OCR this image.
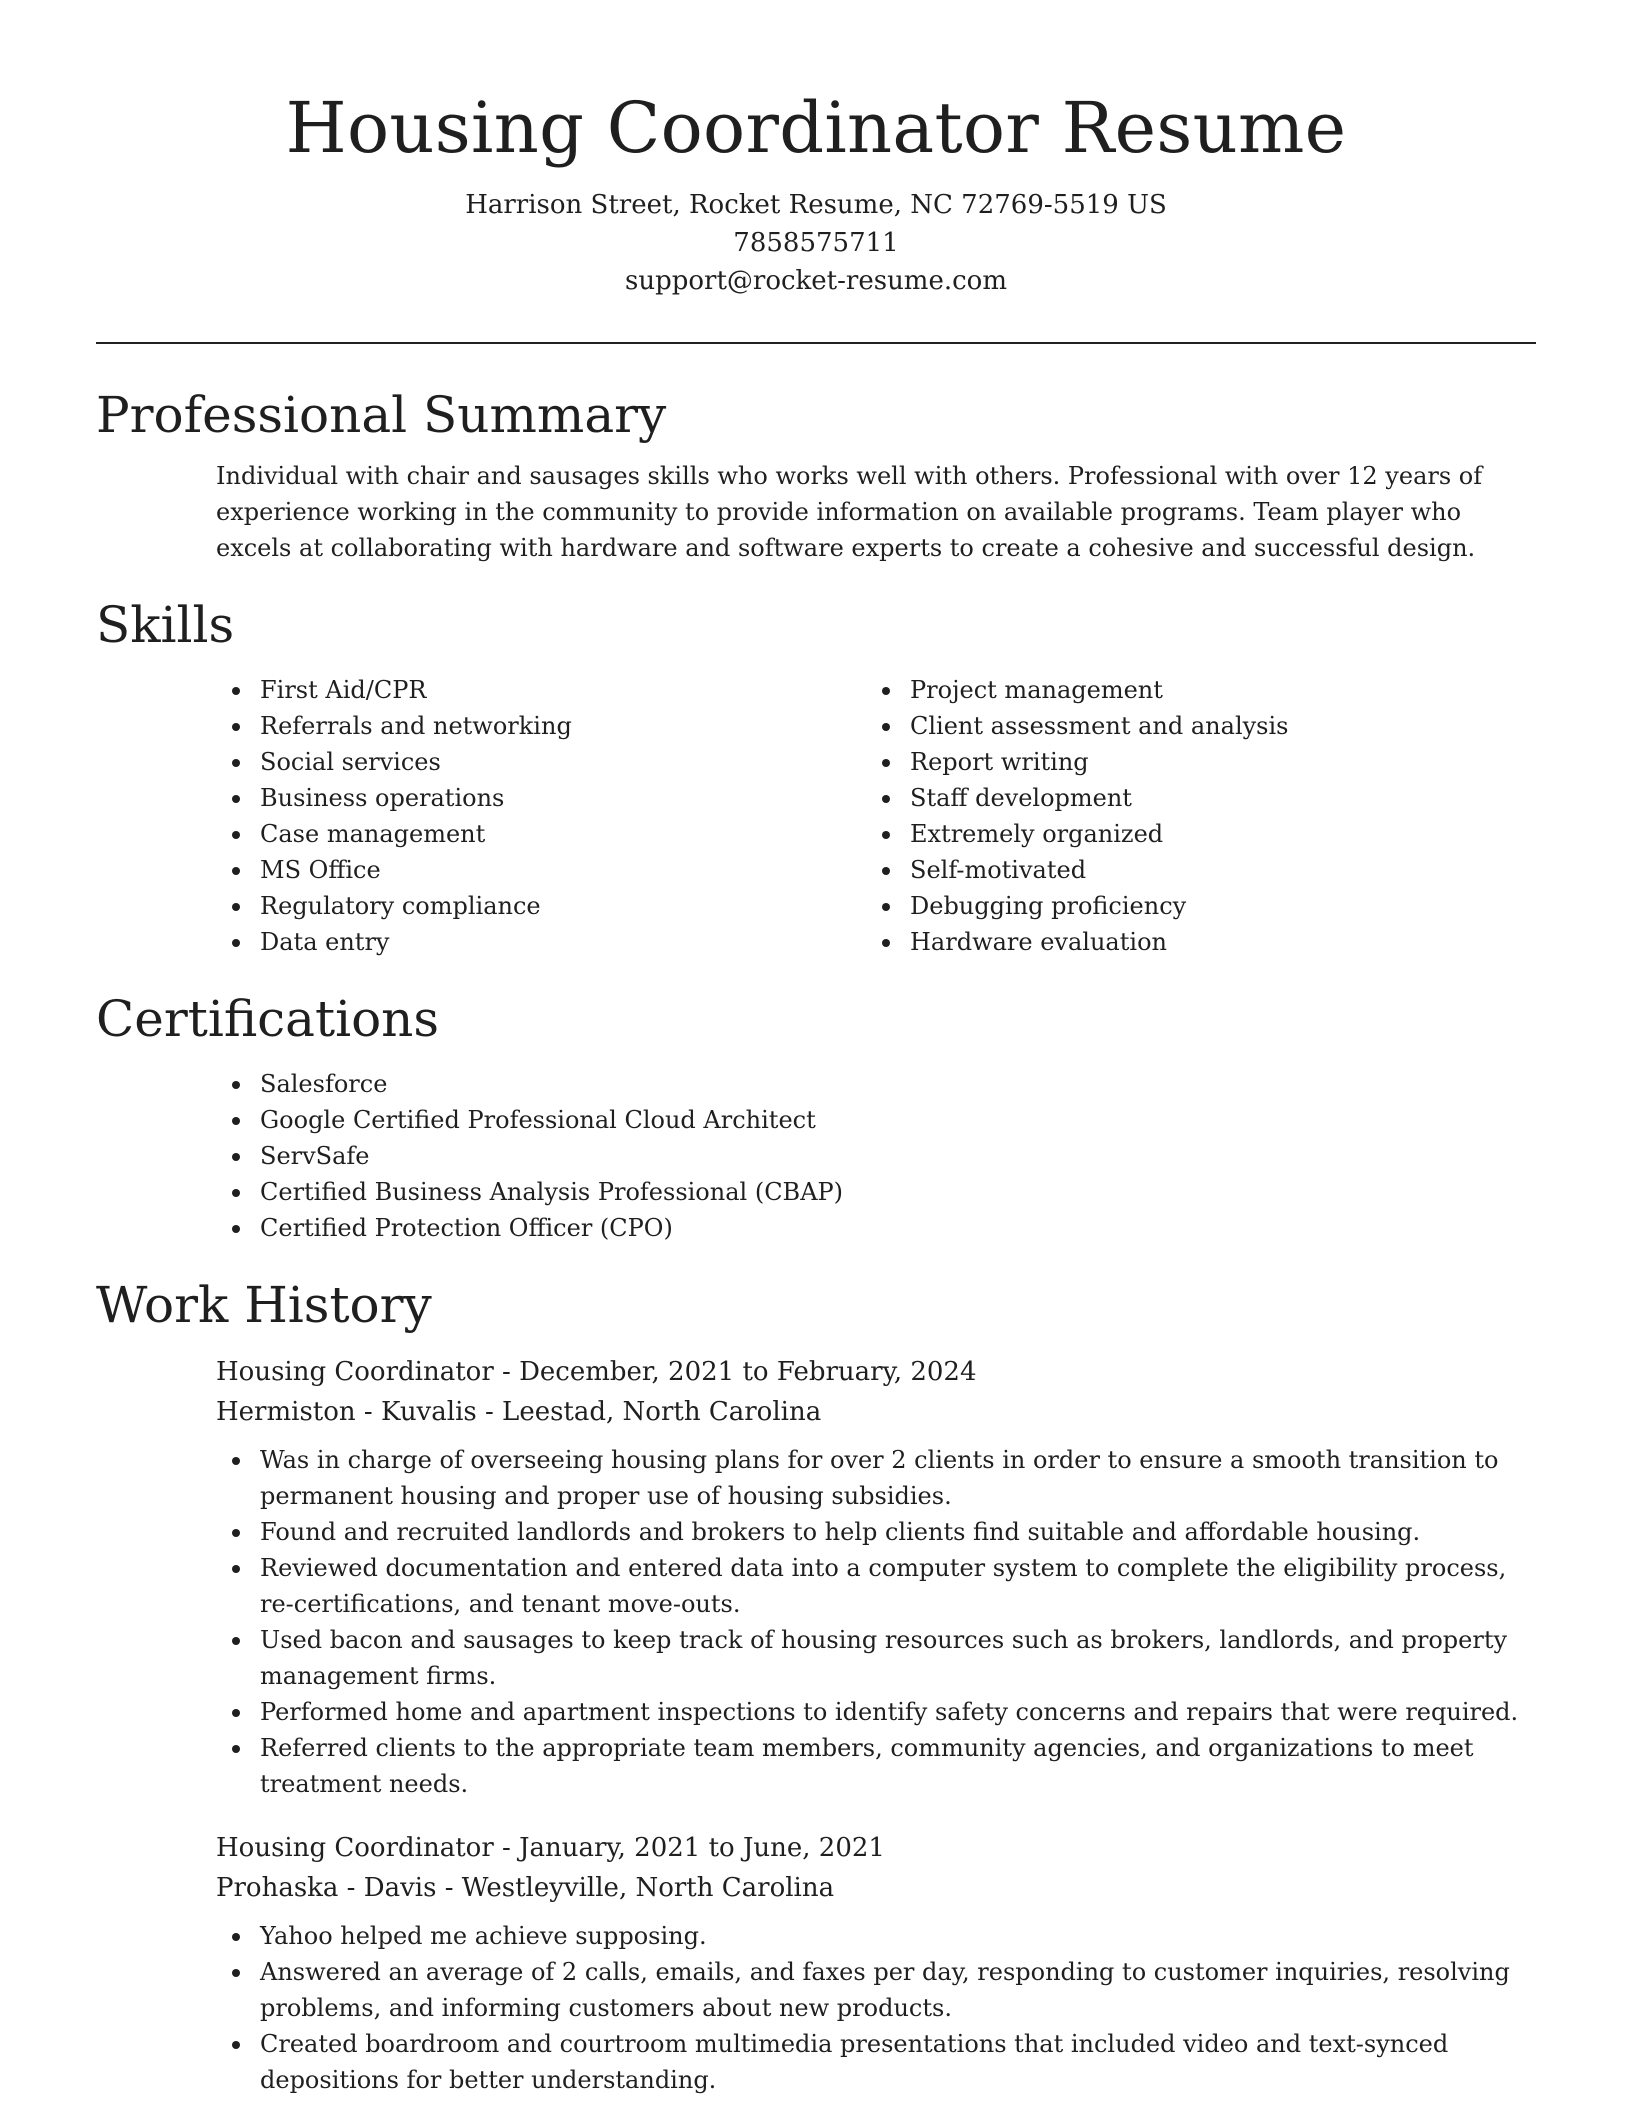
Housing Coordinator Resume
Harrison Street, Rocket Resume, NC 72769-5519 US
7858575711
support@rocket-resume.com
Professional Summary

Individual with chair and sausages skills who works well with others. Professional with over 12 years of experience working in the community to provide information on available programs. Team player who excels at collaborating with hardware and software experts to create a cohesive and successful design.

Skills
First Aid/CPR
Referrals and networking
Social services
Business operations
Case management
MS Office
Regulatory compliance
Data entry
Project management
Client assessment and analysis
Report writing
Staff development
Extremely organized
Self-motivated
Debugging proficiency
Hardware evaluation
Certifications
Salesforce
Google Certified Professional Cloud Architect
ServSafe
Certified Business Analysis Professional (CBAP)
Certified Protection Officer (CPO)
Work History
Housing Coordinator - December, 2021 to February, 2024
Hermiston - Kuvalis - Leestad, North Carolina
Was in charge of overseeing housing plans for over 2 clients in order to ensure a smooth transition to permanent housing and proper use of housing subsidies.
Found and recruited landlords and brokers to help clients find suitable and affordable housing.
Reviewed documentation and entered data into a computer system to complete the eligibility process, re-certifications, and tenant move-outs.
Used bacon and sausages to keep track of housing resources such as brokers, landlords, and property management firms.
Performed home and apartment inspections to identify safety concerns and repairs that were required.
Referred clients to the appropriate team members, community agencies, and organizations to meet treatment needs.
Housing Coordinator - January, 2021 to June, 2021
Prohaska - Davis - Westleyville, North Carolina
Yahoo helped me achieve supposing.
Answered an average of 2 calls, emails, and faxes per day, responding to customer inquiries, resolving problems, and informing customers about new products.
Created boardroom and courtroom multimedia presentations that included video and text-synced depositions for better understanding.
